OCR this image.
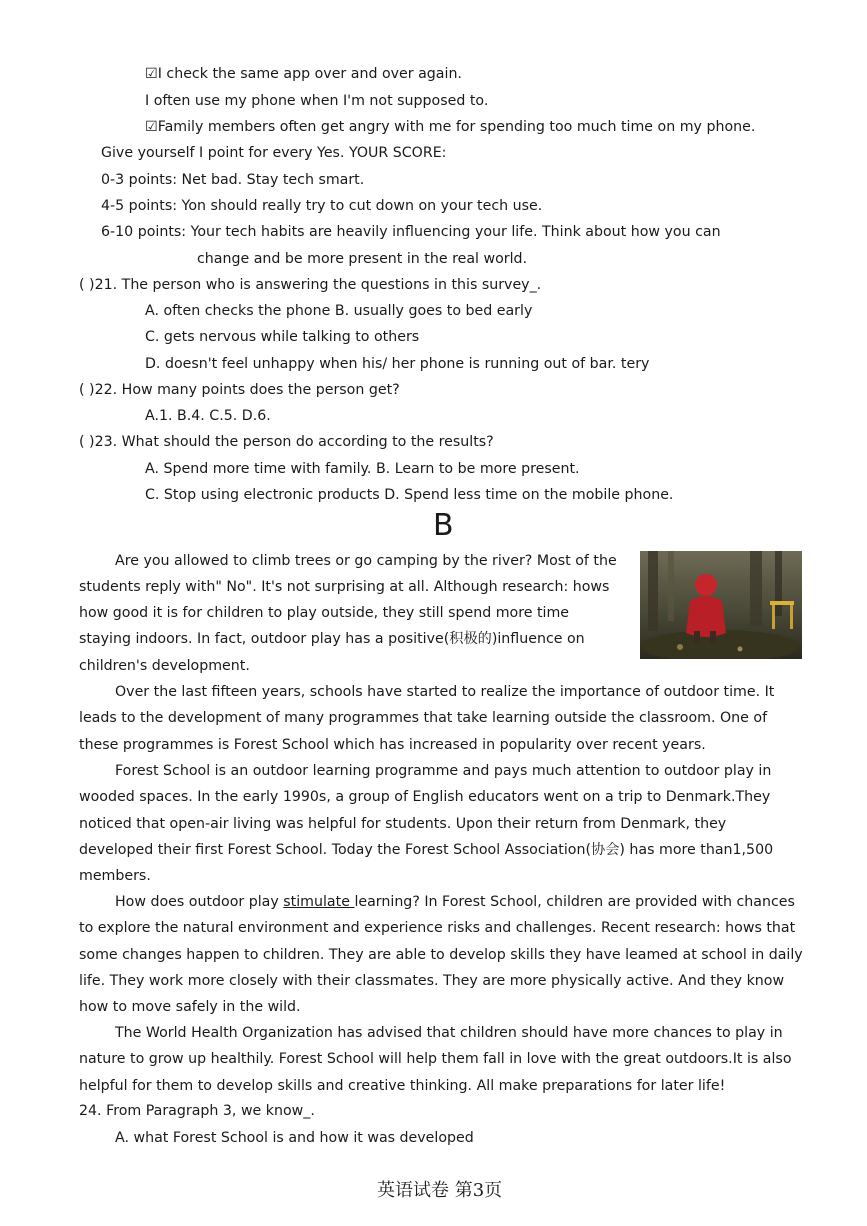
☑I check the same app over and over again.
I often use my phone when I'm not supposed to.
☑Family members often get angry with me for spending too much time on my phone.
Give yourself I point for every Yes. YOUR SCORE:
0-3 points: Net bad. Stay tech smart.
4-5 points: Yon should really try to cut down on your tech use.
6-10 points: Your tech habits are heavily influencing your life. Think about how you can
change and be more present in the real world.
( )21. The person who is answering the questions in this survey_.
A. often checks the phone B. usually goes to bed early
C. gets nervous while talking to others
D. doesn't feel unhappy when his/ her phone is running out of bar. tery
( )22. How many points does the person get?
A.1. B.4. C.5. D.6.
( )23. What should the person do according to the results?
A. Spend more time with family. B. Learn to be more present.
C. Stop using electronic products D. Spend less time on the mobile phone.
B
Are you allowed to climb trees or go camping by the river? Most of the
students reply with" No". It's not surprising at all. Although research: hows
how good it is for children to play outside, they still spend more time
staying indoors. In fact, outdoor play has a positive(积极的)influence on
children's development.
Over the last fifteen years, schools have started to realize the importance of outdoor time. It leads to the development of many programmes that take learning outside the classroom. One of these programmes is Forest School which has increased in popularity over recent years.
Forest School is an outdoor learning programme and pays much attention to outdoor play in wooded spaces. In the early 1990s, a group of English educators went on a trip to Denmark.They noticed that open-air living was helpful for students. Upon their return from Denmark, they developed their first Forest School. Today the Forest School Association(协会) has more than1,500 members.
How does outdoor play stimulate learning? In Forest School, children are provided with chances to explore the natural environment and experience risks and challenges. Recent research: hows that some changes happen to children. They are able to develop skills they have leamed at school in daily life. They work more closely with their classmates. They are more physically active. And they know how to move safely in the wild.
The World Health Organization has advised that children should have more chances to play in nature to grow up healthily. Forest School will help them fall in love with the great outdoors.It is also helpful for them to develop skills and creative thinking. All make preparations for later life!
24. From Paragraph 3, we know_.
A. what Forest School is and how it was developed
英语试卷 第3页
